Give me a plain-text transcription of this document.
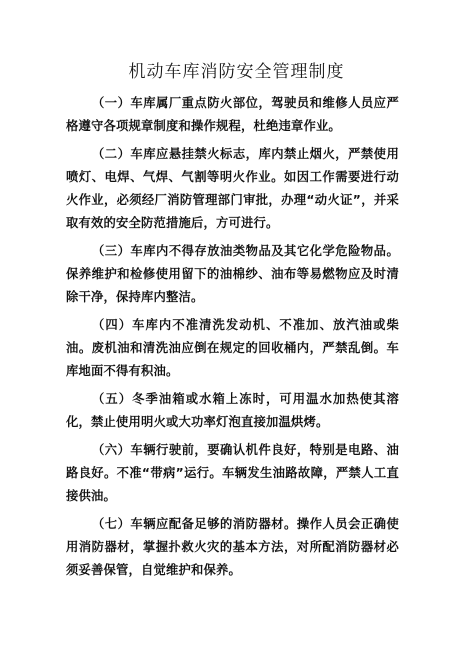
机动车库消防安全管理制度

（一）车库属厂重点防火部位，驾驶员和维修人员应严格遵守各项规章制度和操作规程，杜绝违章作业。

（二）车库应悬挂禁火标志，库内禁止烟火，严禁使用喷灯、电焊、气焊、气割等明火作业。如因工作需要进行动火作业，必须经厂消防管理部门审批，办理“动火证”，并采取有效的安全防范措施后，方可进行。

（三）车库内不得存放油类物品及其它化学危险物品。保养维护和检修使用留下的油棉纱、油布等易燃物应及时清除干净，保持库内整洁。

（四）车库内不准清洗发动机、不准加、放汽油或柴油。废机油和清洗油应倒在规定的回收桶内，严禁乱倒。车库地面不得有积油。

（五）冬季油箱或水箱上冻时，可用温水加热使其溶化，禁止使用明火或大功率灯泡直接加温烘烤。

（六）车辆行驶前，要确认机件良好，特别是电路、油路良好。不准“带病”运行。车辆发生油路故障，严禁人工直接供油。

（七）车辆应配备足够的消防器材。操作人员会正确使用消防器材，掌握扑救火灾的基本方法，对所配消防器材必须妥善保管，自觉维护和保养。
